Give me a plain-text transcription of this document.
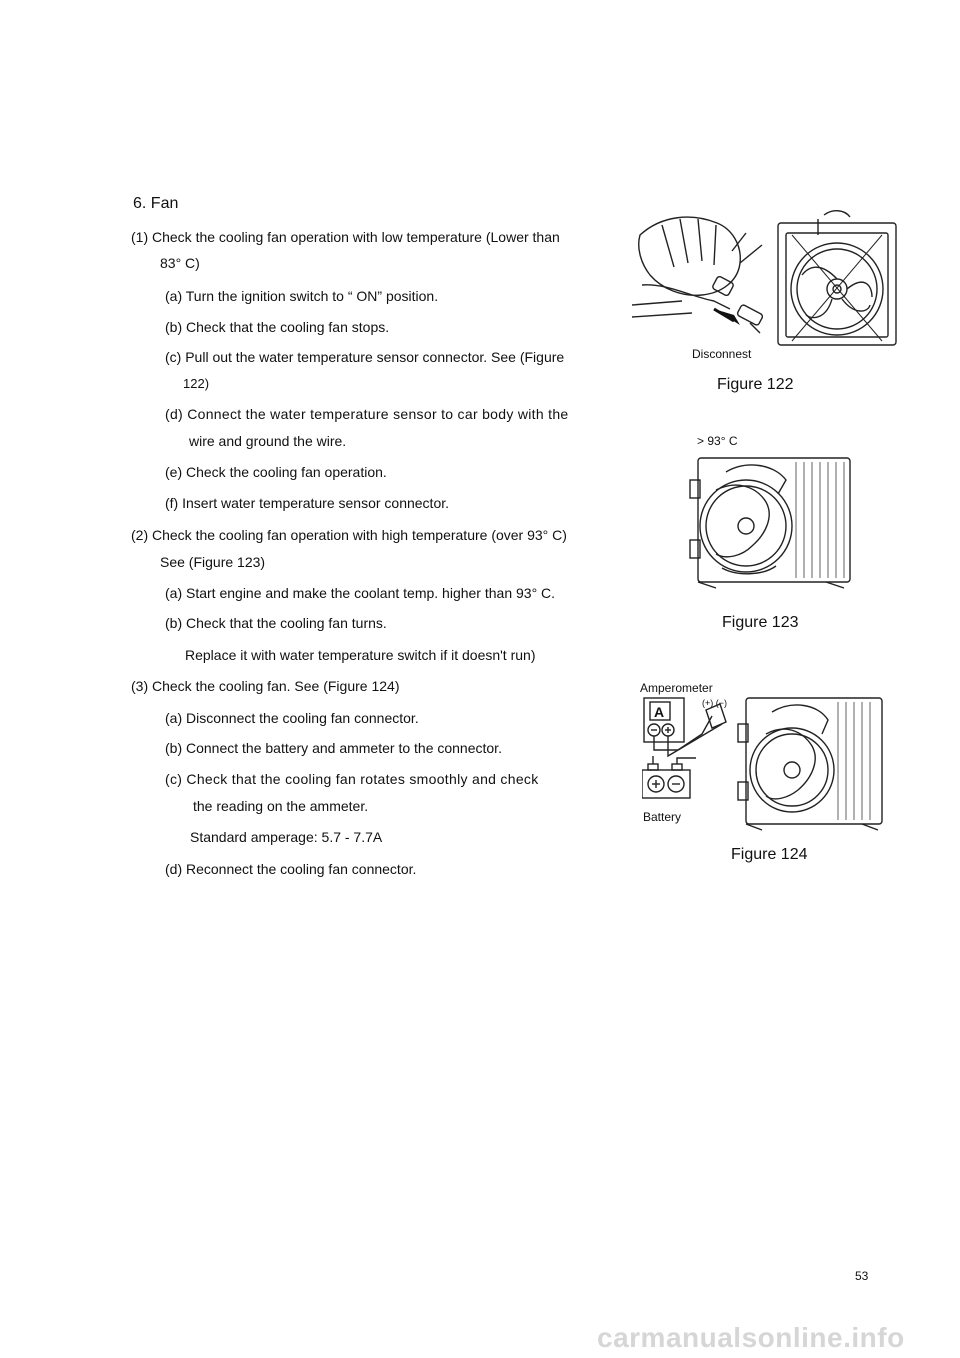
6. Fan
(1) Check the cooling fan operation with low temperature (Lower than
83° C)
(a) Turn the ignition switch to “ ON” position.
(b) Check that the cooling fan stops.
(c) Pull out the water temperature sensor connector. See (Figure
122)
(d) Connect the water temperature sensor to car body with the
wire and ground the wire.
(e) Check the cooling fan operation.
(f) Insert water temperature sensor connector.
(2) Check the cooling fan operation with high temperature (over 93° C)
See (Figure 123)
(a) Start engine and make the coolant temp. higher than 93° C.
(b) Check that the cooling fan turns.
Replace it with water temperature switch if it doesn't run)
(3) Check the cooling fan. See (Figure 124)
(a) Disconnect the cooling fan connector.
(b) Connect the battery and ammeter to the connector.
(c) Check that the cooling fan rotates smoothly and check
the reading on the ammeter.
Standard amperage: 5.7 - 7.7A
(d) Reconnect the cooling fan connector.
Disconnest
Figure 122
> 93° C
Figure 123
Amperometer
A
(+) (−)
Battery
Figure 124
53
carmanualsonline.info
